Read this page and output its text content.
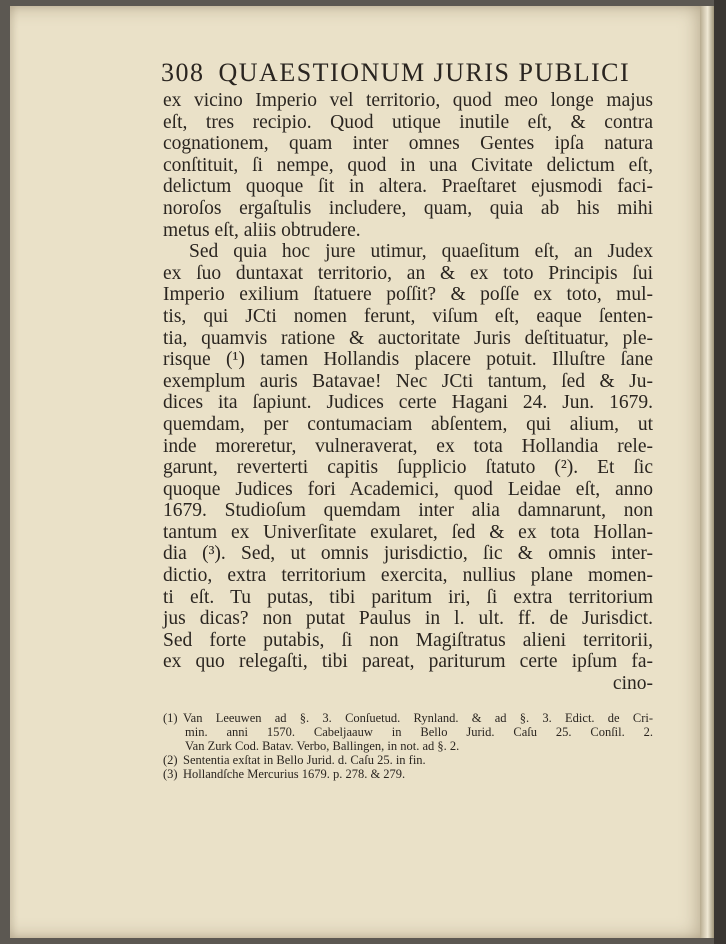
308 QUAESTIONUM JURIS PUBLICI
ex vicino Imperio vel territorio, quod meo longe majus
eſt, tres recipio. Quod utique inutile eſt, & contra
cognationem, quam inter omnes Gentes ipſa natura
conſtituit, ſi nempe, quod in una Civitate delictum eſt,
delictum quoque ſit in altera. Praeſtaret ejusmodi faci-
noroſos ergaſtulis includere, quam, quia ab his mihi
metus eſt, aliis obtrudere.
Sed quia hoc jure utimur, quaeſitum eſt, an Judex
ex ſuo duntaxat territorio, an & ex toto Principis ſui
Imperio exilium ſtatuere poſſit? & poſſe ex toto, mul-
tis, qui JCti nomen ferunt, viſum eſt, eaque ſenten-
tia, quamvis ratione & auctoritate Juris deſtituatur, ple-
risque (¹) tamen Hollandis placere potuit. Illuſtre ſane
exemplum auris Batavae! Nec JCti tantum, ſed & Ju-
dices ita ſapiunt. Judices certe Hagani 24. Jun. 1679.
quemdam, per contumaciam abſentem, qui alium, ut
inde moreretur, vulneraverat, ex tota Hollandia rele-
garunt, reverterti capitis ſupplicio ſtatuto (²). Et ſic
quoque Judices fori Academici, quod Leidae eſt, anno
1679. Studioſum quemdam inter alia damnarunt, non
tantum ex Univerſitate exularet, ſed & ex tota Hollan-
dia (³). Sed, ut omnis jurisdictio, ſic & omnis inter-
dictio, extra territorium exercita, nullius plane momen-
ti eſt. Tu putas, tibi paritum iri, ſi extra territorium
jus dicas? non putat Paulus in l. ult. ff. de Jurisdict.
Sed forte putabis, ſi non Magiſtratus alieni territorii,
ex quo relegaſti, tibi pareat, pariturum certe ipſum fa-
cino-
(1) Van Leeuwen ad §. 3. Conſuetud. Rynland. & ad §. 3. Edict. de Cri-
min. anni 1570. Cabeljaauw in Bello Jurid. Caſu 25. Conſil. 2.
Van Zurk Cod. Batav. Verbo, Ballingen, in not. ad §. 2.
(2) Sententia exſtat in Bello Jurid. d. Caſu 25. in fin.
(3) Hollandſche Mercurius 1679. p. 278. & 279.
